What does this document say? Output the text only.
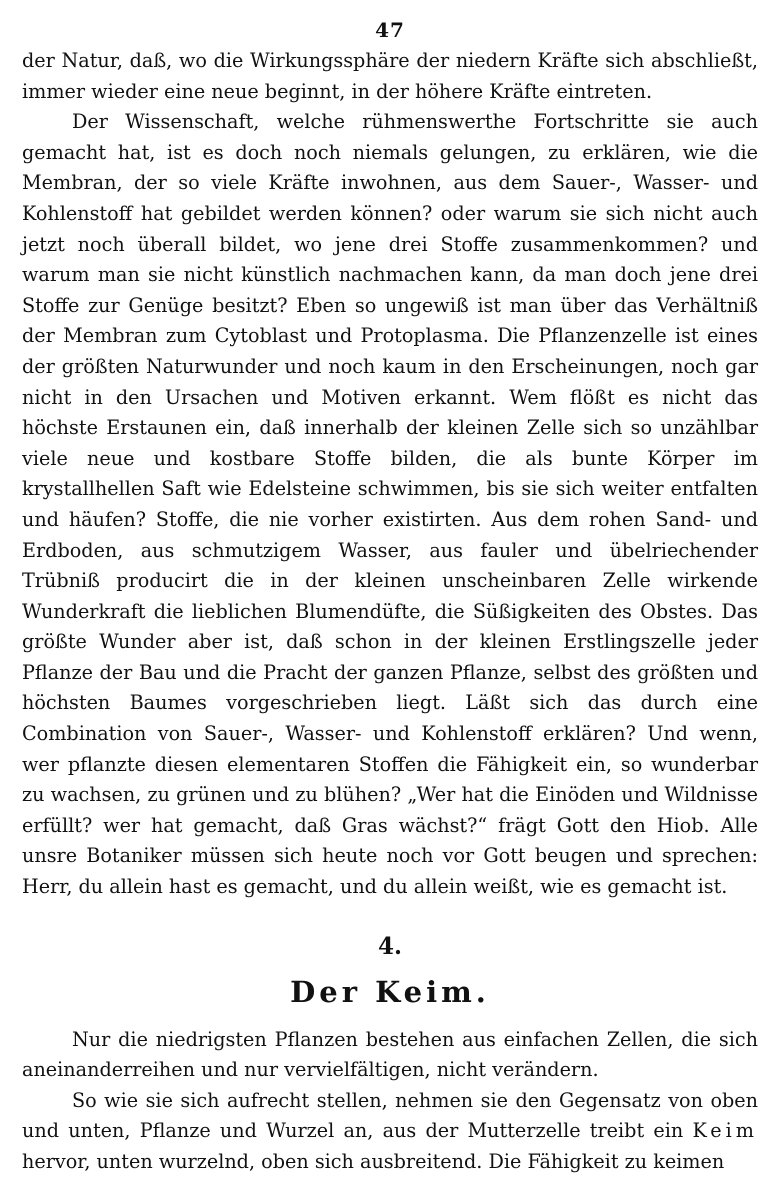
47

der Natur, daß, wo die Wirkungssphäre der niedern Kräfte sich abschließt, immer wieder eine neue beginnt, in der höhere Kräfte eintreten.

Der Wissenschaft, welche rühmenswerthe Fortschritte sie auch gemacht hat, ist es doch noch niemals gelungen, zu erklären, wie die Membran, der so viele Kräfte inwohnen, aus dem Sauer-, Wasser- und Kohlenstoff hat gebildet werden können? oder warum sie sich nicht auch jetzt noch überall bildet, wo jene drei Stoffe zusammenkommen? und warum man sie nicht künstlich nachmachen kann, da man doch jene drei Stoffe zur Genüge besitzt? Eben so ungewiß ist man über das Verhältniß der Membran zum Cytoblast und Protoplasma. Die Pflanzenzelle ist eines der größten Naturwunder und noch kaum in den Erscheinungen, noch gar nicht in den Ursachen und Motiven erkannt. Wem flößt es nicht das höchste Erstaunen ein, daß innerhalb der kleinen Zelle sich so unzählbar viele neue und kostbare Stoffe bilden, die als bunte Körper im krystallhellen Saft wie Edelsteine schwimmen, bis sie sich weiter entfalten und häufen? Stoffe, die nie vorher existirten. Aus dem rohen Sand- und Erdboden, aus schmutzigem Wasser, aus fauler und übelriechender Trübniß producirt die in der kleinen unscheinbaren Zelle wirkende Wunderkraft die lieblichen Blumendüfte, die Süßigkeiten des Obstes. Das größte Wunder aber ist, daß schon in der kleinen Erstlingszelle jeder Pflanze der Bau und die Pracht der ganzen Pflanze, selbst des größten und höchsten Baumes vorgeschrieben liegt. Läßt sich das durch eine Combination von Sauer-, Wasser- und Kohlenstoff erklären? Und wenn, wer pflanzte diesen elementaren Stoffen die Fähigkeit ein, so wunderbar zu wachsen, zu grünen und zu blühen? „Wer hat die Einöden und Wildnisse erfüllt? wer hat gemacht, daß Gras wächst?“ frägt Gott den Hiob. Alle unsre Botaniker müssen sich heute noch vor Gott beugen und sprechen: Herr, du allein hast es gemacht, und du allein weißt, wie es gemacht ist.

4.
Der Keim.

Nur die niedrigsten Pflanzen bestehen aus einfachen Zellen, die sich aneinanderreihen und nur vervielfältigen, nicht verändern.

So wie sie sich aufrecht stellen, nehmen sie den Gegensatz von oben und unten, Pflanze und Wurzel an, aus der Mutterzelle treibt ein Keim hervor, unten wurzelnd, oben sich ausbreitend. Die Fähigkeit zu keimen
